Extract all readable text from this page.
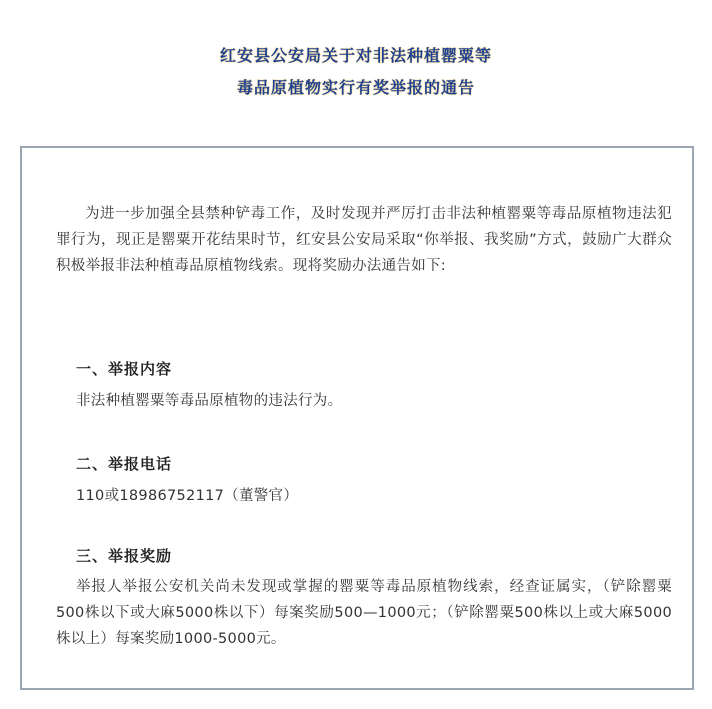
红安县公安局关于对非法种植罂粟等
毒品原植物实行有奖举报的通告
为进一步加强全县禁种铲毒工作，及时发现并严厉打击非法种植罂粟等毒品原植物违法犯罪行为，现正是罂粟开花结果时节，红安县公安局采取“你举报、我奖励”方式，鼓励广大群众积极举报非法种植毒品原植物线索。现将奖励办法通告如下:
一、举报内容
非法种植罂粟等毒品原植物的违法行为。
二、举报电话
110或18986752117（董警官）
三、举报奖励
举报人举报公安机关尚未发现或掌握的罂粟等毒品原植物线索，经查证属实，（铲除罂粟500株以下或大麻5000株以下）每案奖励500—1000元；（铲除罂粟500株以上或大麻5000株以上）每案奖励1000-5000元。
